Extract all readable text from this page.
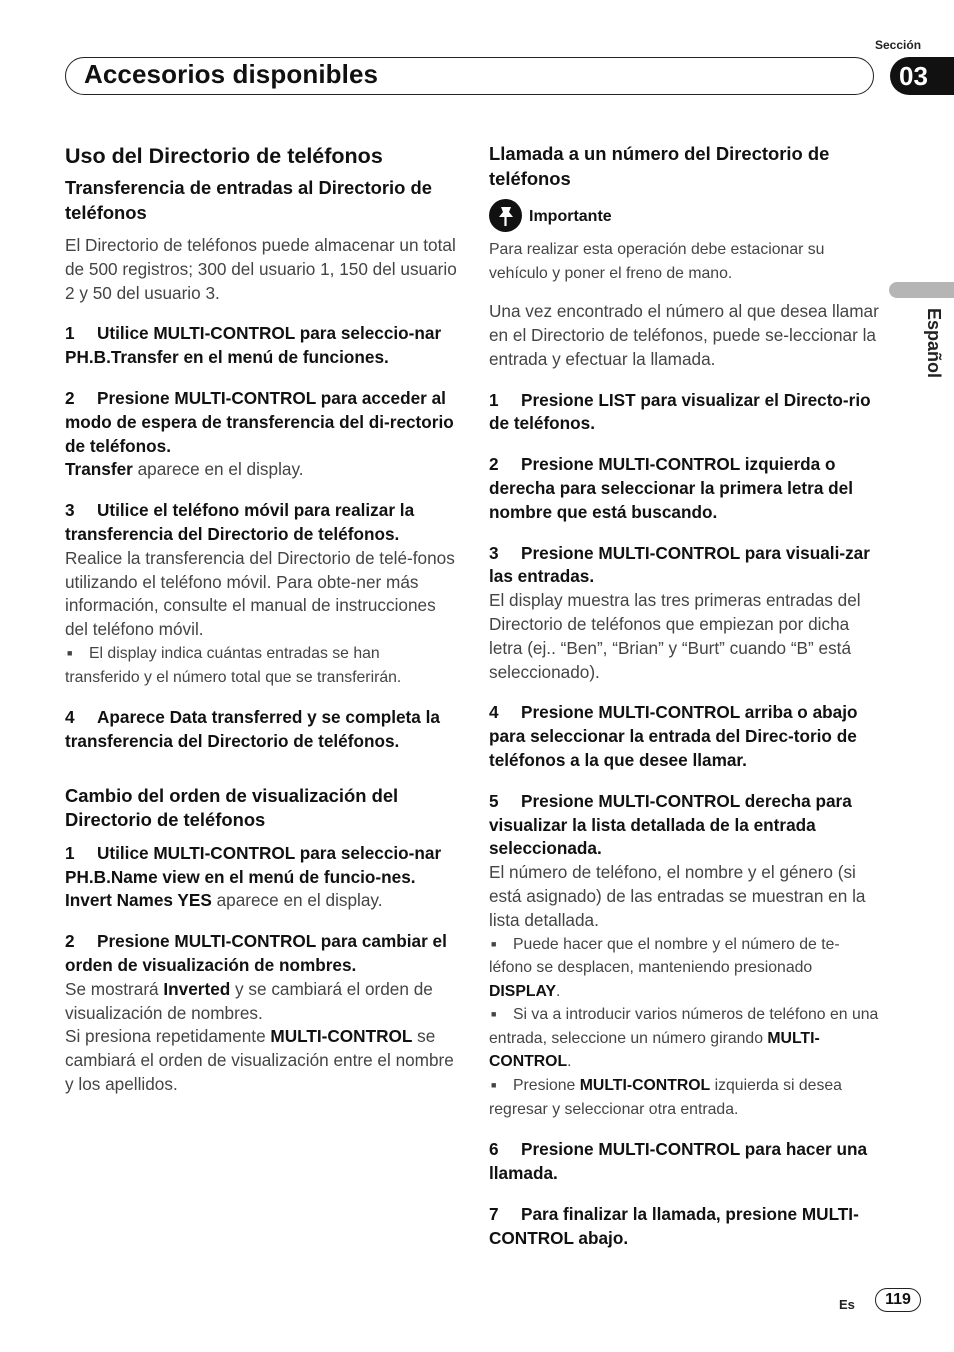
Sección
Accesorios disponibles	03
Español

Uso del Directorio de teléfonos

Transferencia de entradas al Directorio de teléfonos

El Directorio de teléfonos puede almacenar un total de 500 registros; 300 del usuario 1, 150 del usuario 2 y 50 del usuario 3.

1 Utilice MULTI-CONTROL para seleccio-nar PH.B.Transfer en el menú de funciones.

2 Presione MULTI-CONTROL para acceder al modo de espera de transferencia del di-rectorio de teléfonos.

Transfer aparece en el display.

3 Utilice el teléfono móvil para realizar la transferencia del Directorio de teléfonos.

Realice la transferencia del Directorio de telé-fonos utilizando el teléfono móvil. Para obte-ner más información, consulte el manual de instrucciones del teléfono móvil.

■ El display indica cuántas entradas se han transferido y el número total que se transferirán.

4 Aparece Data transferred y se completa la transferencia del Directorio de teléfonos.

Cambio del orden de visualización del Directorio de teléfonos

1 Utilice MULTI-CONTROL para seleccio-nar PH.B.Name view en el menú de funcio-nes.

Invert Names YES aparece en el display.

2 Presione MULTI-CONTROL para cambiar el orden de visualización de nombres.

Se mostrará Inverted y se cambiará el orden de visualización de nombres.

Si presiona repetidamente MULTI-CONTROL se cambiará el orden de visualización entre el nombre y los apellidos.

Llamada a un número del Directorio de teléfonos

Importante

Para realizar esta operación debe estacionar su vehículo y poner el freno de mano.

Una vez encontrado el número al que desea llamar en el Directorio de teléfonos, puede se-leccionar la entrada y efectuar la llamada.

1 Presione LIST para visualizar el Directo-rio de teléfonos.

2 Presione MULTI-CONTROL izquierda o derecha para seleccionar la primera letra del nombre que está buscando.

3 Presione MULTI-CONTROL para visuali-zar las entradas.

El display muestra las tres primeras entradas del Directorio de teléfonos que empiezan por dicha letra (ej.. “Ben”, “Brian” y “Burt” cuando “B” está seleccionado).

4 Presione MULTI-CONTROL arriba o abajo para seleccionar la entrada del Direc-torio de teléfonos a la que desee llamar.

5 Presione MULTI-CONTROL derecha para visualizar la lista detallada de la entrada seleccionada.

El número de teléfono, el nombre y el género (si está asignado) de las entradas se muestran en la lista detallada.

■ Puede hacer que el nombre y el número de te-léfono se desplacen, manteniendo presionado DISPLAY.

■ Si va a introducir varios números de teléfono en una entrada, seleccione un número girando MULTI-CONTROL.

■ Presione MULTI-CONTROL izquierda si desea regresar y seleccionar otra entrada.

6 Presione MULTI-CONTROL para hacer una llamada.

7 Para finalizar la llamada, presione MULTI-CONTROL abajo.

Es	119
